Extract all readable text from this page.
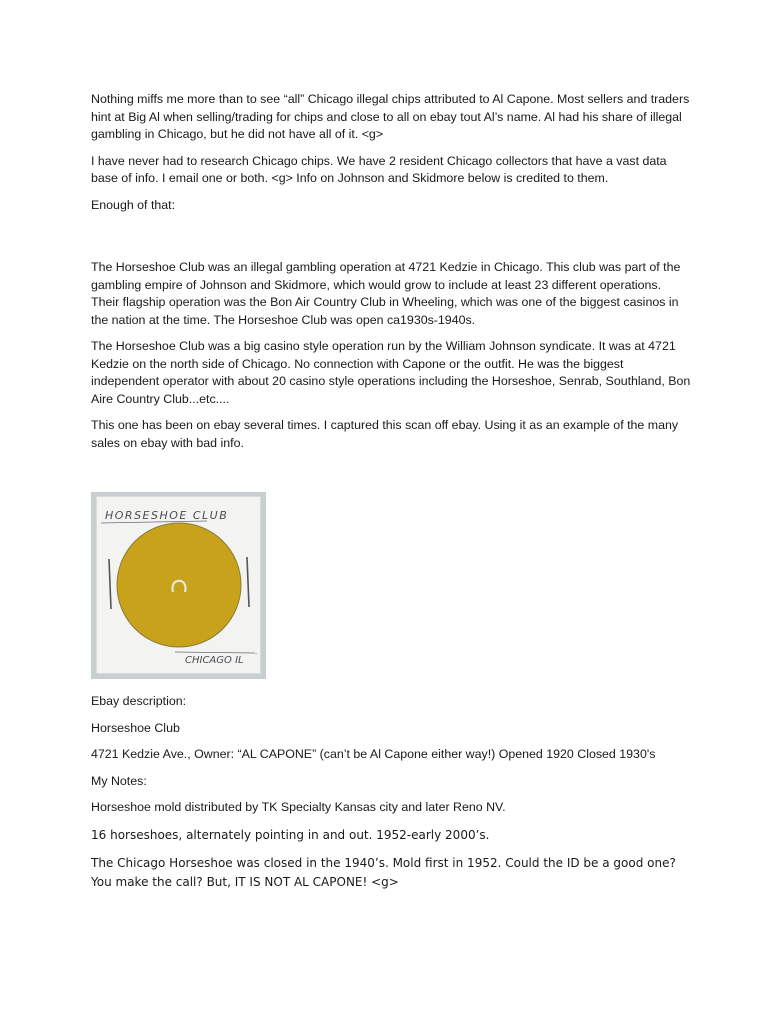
Nothing miffs me more than to see “all” Chicago illegal chips attributed to Al Capone. Most sellers and traders hint at Big Al when selling/trading for chips and close to all on ebay tout Al’s name. Al had his share of illegal gambling in Chicago, but he did not have all of it. <g>

I have never had to research Chicago chips. We have 2 resident Chicago collectors that have a vast data base of info. I email one or both. <g> Info on Johnson and Skidmore below is credited to them.

Enough of that:

The Horseshoe Club was an illegal gambling operation at 4721 Kedzie in Chicago. This club was part of the gambling empire of Johnson and Skidmore, which would grow to include at least 23 different operations. Their flagship operation was the Bon Air Country Club in Wheeling, which was one of the biggest casinos in the nation at the time. The Horseshoe Club was open ca1930s-1940s.

The Horseshoe Club was a big casino style operation run by the William Johnson syndicate. It was at 4721 Kedzie on the north side of Chicago. No connection with Capone or the outfit. He was the biggest independent operator with about 20 casino style operations including the Horseshoe, Senrab, Southland, Bon Aire Country Club...etc....

This one has been on ebay several times. I captured this scan off ebay. Using it as an example of the many sales on ebay with bad info.

HORSESHOE CLUB
CHICAGO IL

Ebay description:

Horseshoe Club

4721 Kedzie Ave., Owner: “AL CAPONE” (can’t be Al Capone either way!) Opened 1920 Closed 1930's

My Notes:

Horseshoe mold distributed by TK Specialty Kansas city and later Reno NV.

16 horseshoes, alternately pointing in and out. 1952-early 2000’s.

The Chicago Horseshoe was closed in the 1940’s. Mold first in 1952. Could the ID be a good one? You make the call? But, IT IS NOT AL CAPONE! <g>
